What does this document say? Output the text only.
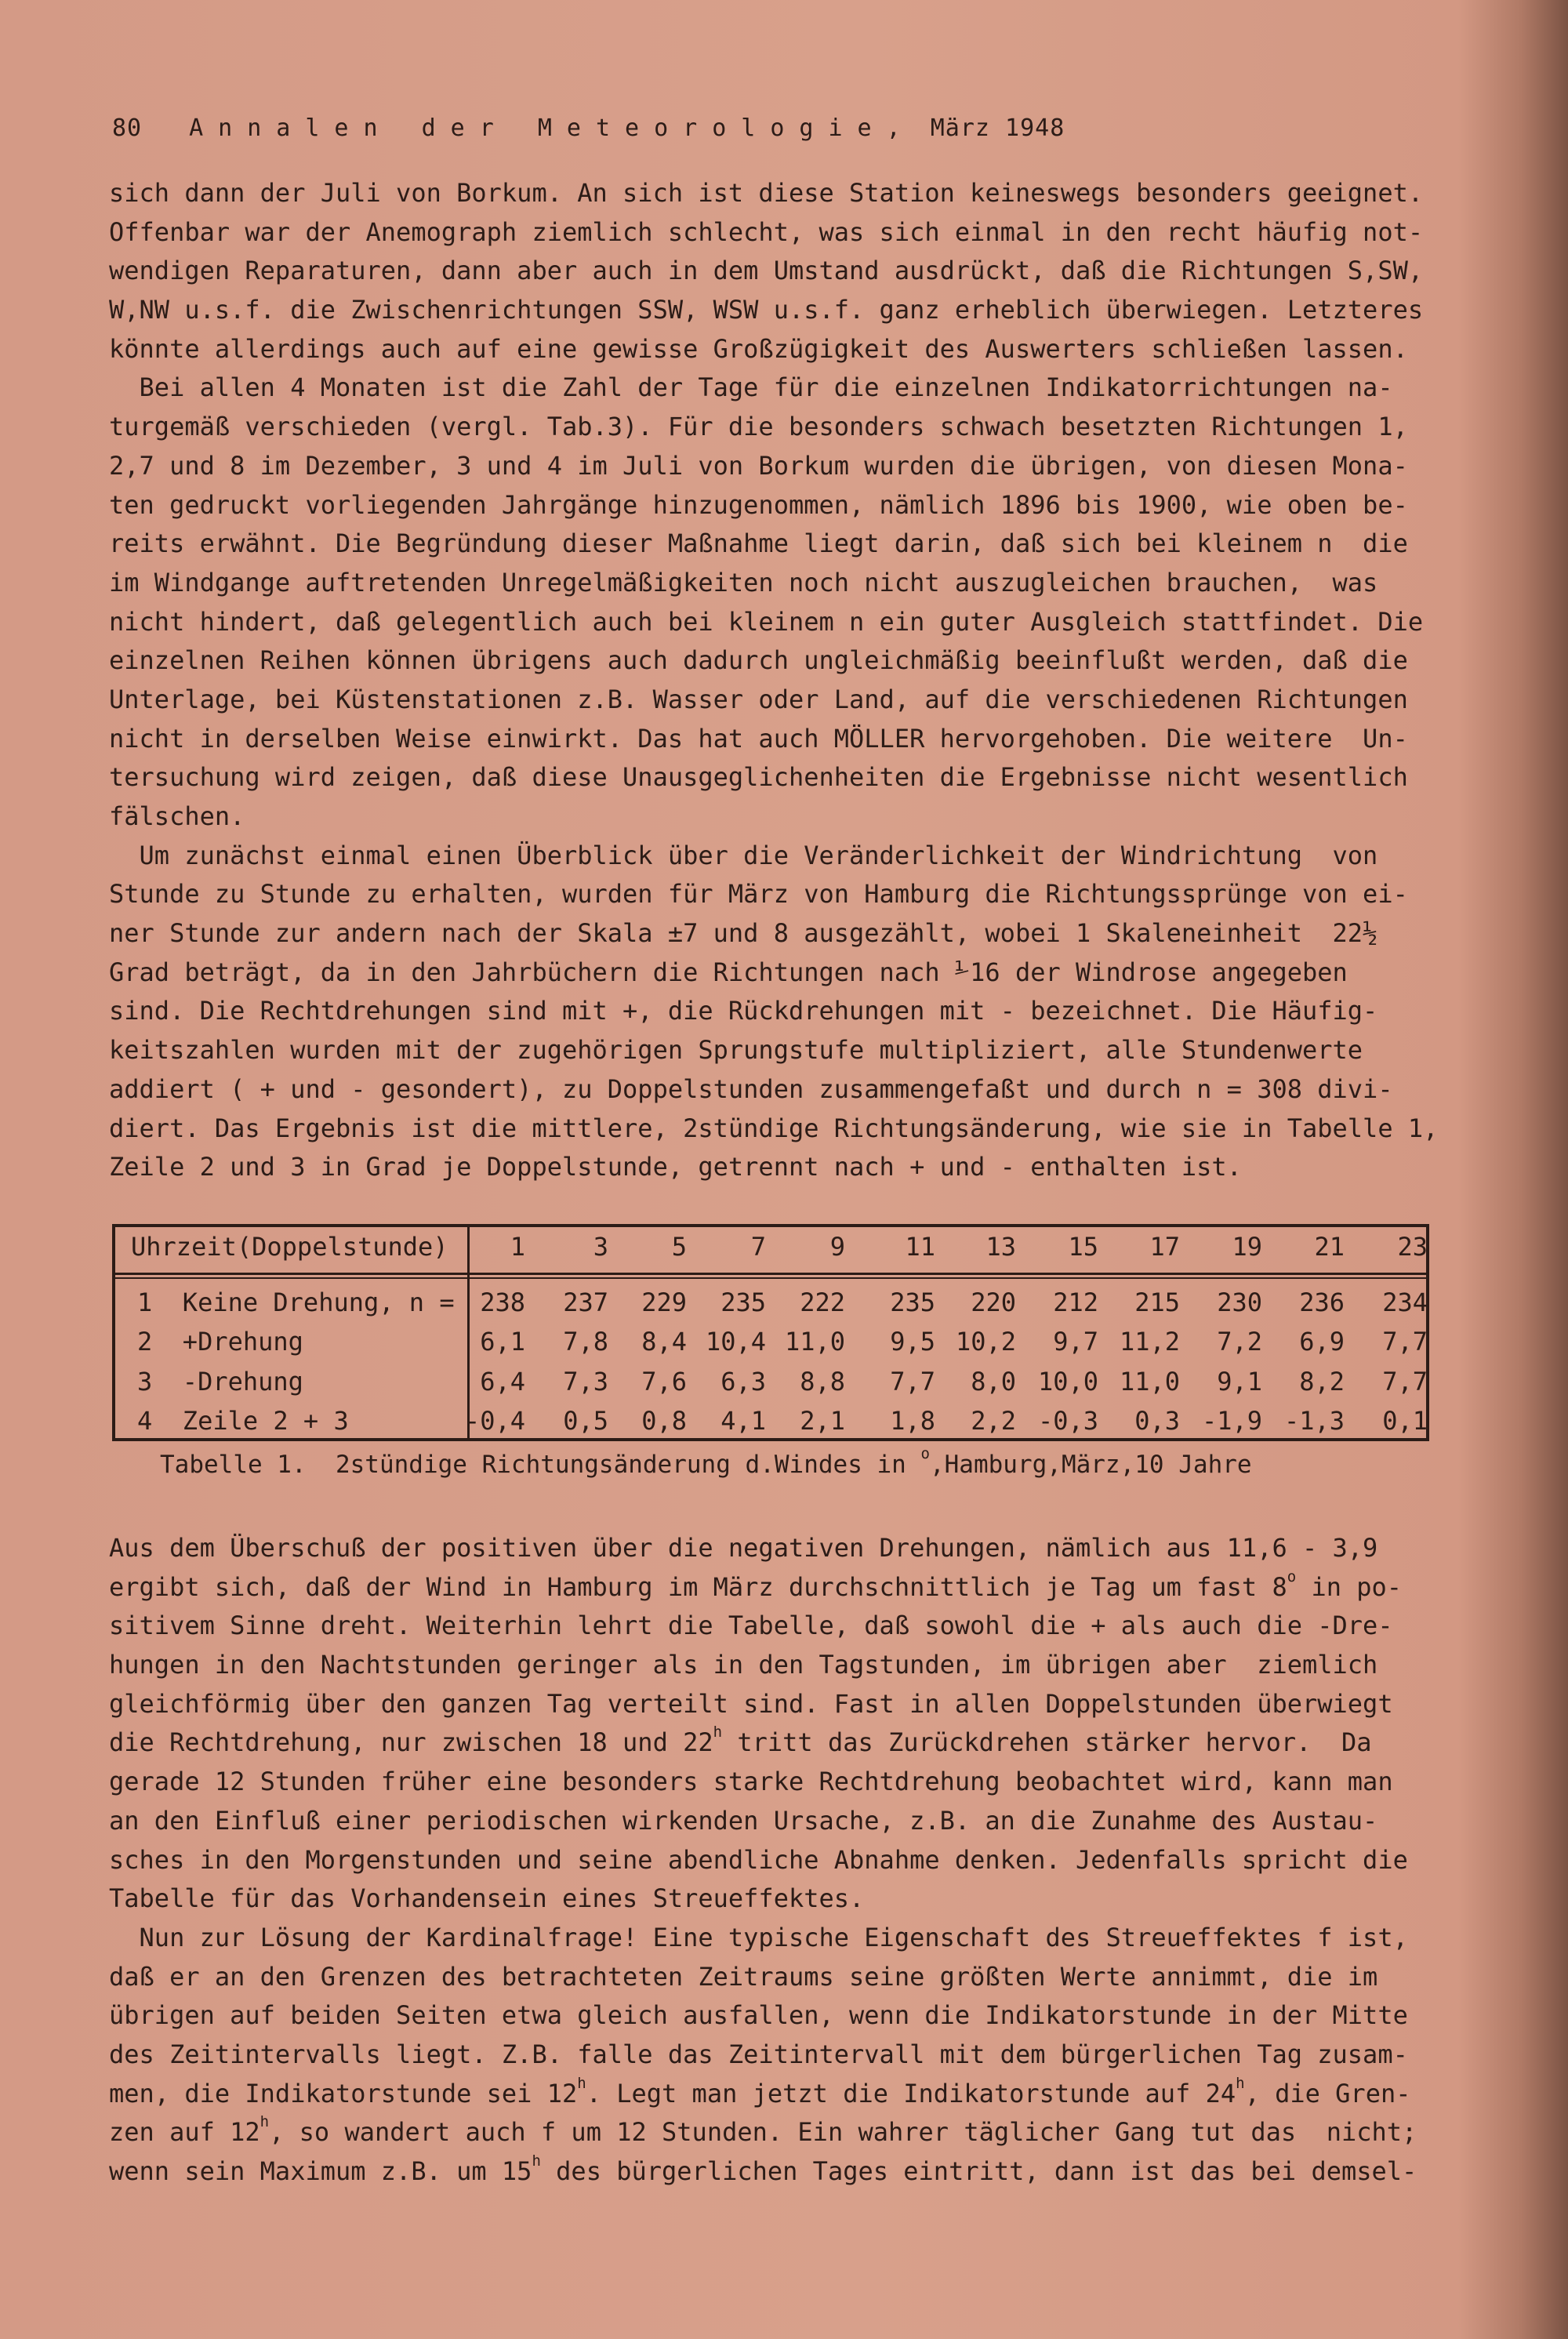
80 Annalen der Meteorologie, März 1948
sich dann der Juli von Borkum. An sich ist diese Station keineswegs besonders geeignet.
Offenbar war der Anemograph ziemlich schlecht, was sich einmal in den recht häufig not-
wendigen Reparaturen, dann aber auch in dem Umstand ausdrückt, daß die Richtungen S,SW,
W,NW u.s.f. die Zwischenrichtungen SSW, WSW u.s.f. ganz erheblich überwiegen. Letzteres
könnte allerdings auch auf eine gewisse Großzügigkeit des Auswerters schließen lassen.
Bei allen 4 Monaten ist die Zahl der Tage für die einzelnen Indikatorrichtungen na-
turgemäß verschieden (vergl. Tab.3). Für die besonders schwach besetzten Richtungen 1,
2,7 und 8 im Dezember, 3 und 4 im Juli von Borkum wurden die übrigen, von diesen Mona-
ten gedruckt vorliegenden Jahrgänge hinzugenommen, nämlich 1896 bis 1900, wie oben be-
reits erwähnt. Die Begründung dieser Maßnahme liegt darin, daß sich bei kleinem n  die
im Windgange auftretenden Unregelmäßigkeiten noch nicht auszugleichen brauchen,  was
nicht hindert, daß gelegentlich auch bei kleinem n ein guter Ausgleich stattfindet. Die
einzelnen Reihen können übrigens auch dadurch ungleichmäßig beeinflußt werden, daß die
Unterlage, bei Küstenstationen z.B. Wasser oder Land, auf die verschiedenen Richtungen
nicht in derselben Weise einwirkt. Das hat auch MÖLLER hervorgehoben. Die weitere  Un-
tersuchung wird zeigen, daß diese Unausgeglichenheiten die Ergebnisse nicht wesentlich
fälschen.
Um zunächst einmal einen Überblick über die Veränderlichkeit der Windrichtung  von
Stunde zu Stunde zu erhalten, wurden für März von Hamburg die Richtungssprünge von ei-
ner Stunde zur andern nach der Skala ±7 und 8 ausgezählt, wobei 1 Skaleneinheit  22½
Grad beträgt, da in den Jahrbüchern die Richtungen nach ⅟16 der Windrose angegeben
sind. Die Rechtdrehungen sind mit +, die Rückdrehungen mit - bezeichnet. Die Häufig-
keitszahlen wurden mit der zugehörigen Sprungstufe multipliziert, alle Stundenwerte
addiert ( + und - gesondert), zu Doppelstunden zusammengefaßt und durch n = 308 divi-
diert. Das Ergebnis ist die mittlere, 2stündige Richtungsänderung, wie sie in Tabelle 1,
Zeile 2 und 3 in Grad je Doppelstunde, getrennt nach + und - enthalten ist.
Uhrzeit(Doppelstunde)	1	3	5	7	9	11	13	15	17	19	21	23
1 Keine Drehung, n =	238	237	229	235	222	235	220	212	215	230	236	234
2 +Drehung	6,1	7,8	8,4 10,4 11,0	9,5 10,2	9,7 11,2	7,2	6,9	7,7
3 -Drehung	6,4	7,3	7,6	6,3	8,8	7,7	8,0 10,0 11,0	9,1	8,2	7,7
4 Zeile 2 + 3	-0,4	0,5	0,8	4,1	2,1	1,8	2,2 -0,3	0,3 -1,9 -1,3	0,1
Tabelle 1.  2stündige Richtungsänderung d.Windes in $^o$,Hamburg,März,10 Jahre
Aus dem Überschuß der positiven über die negativen Drehungen, nämlich aus 11,6 - 3,9
ergibt sich, daß der Wind in Hamburg im März durchschnittlich je Tag um fast 8$^o$ in po-
sitivem Sinne dreht. Weiterhin lehrt die Tabelle, daß sowohl die + als auch die -Dre-
hungen in den Nachtstunden geringer als in den Tagstunden, im übrigen aber  ziemlich
gleichförmig über den ganzen Tag verteilt sind. Fast in allen Doppelstunden überwiegt
die Rechtdrehung, nur zwischen 18 und 22$^h$ tritt das Zurückdrehen stärker hervor.  Da
gerade 12 Stunden früher eine besonders starke Rechtdrehung beobachtet wird, kann man
an den Einfluß einer periodischen wirkenden Ursache, z.B. an die Zunahme des Austau-
sches in den Morgenstunden und seine abendliche Abnahme denken. Jedenfalls spricht die
Tabelle für das Vorhandensein eines Streueffektes.
Nun zur Lösung der Kardinalfrage! Eine typische Eigenschaft des Streueffektes f ist,
daß er an den Grenzen des betrachteten Zeitraums seine größten Werte annimmt, die im
übrigen auf beiden Seiten etwa gleich ausfallen, wenn die Indikatorstunde in der Mitte
des Zeitintervalls liegt. Z.B. falle das Zeitintervall mit dem bürgerlichen Tag zusam-
men, die Indikatorstunde sei 12$^h$. Legt man jetzt die Indikatorstunde auf 24$^h$, die Gren-
zen auf 12$^h$, so wandert auch f um 12 Stunden. Ein wahrer täglicher Gang tut das  nicht;
wenn sein Maximum z.B. um 15$^h$ des bürgerlichen Tages eintritt, dann ist das bei demsel-
